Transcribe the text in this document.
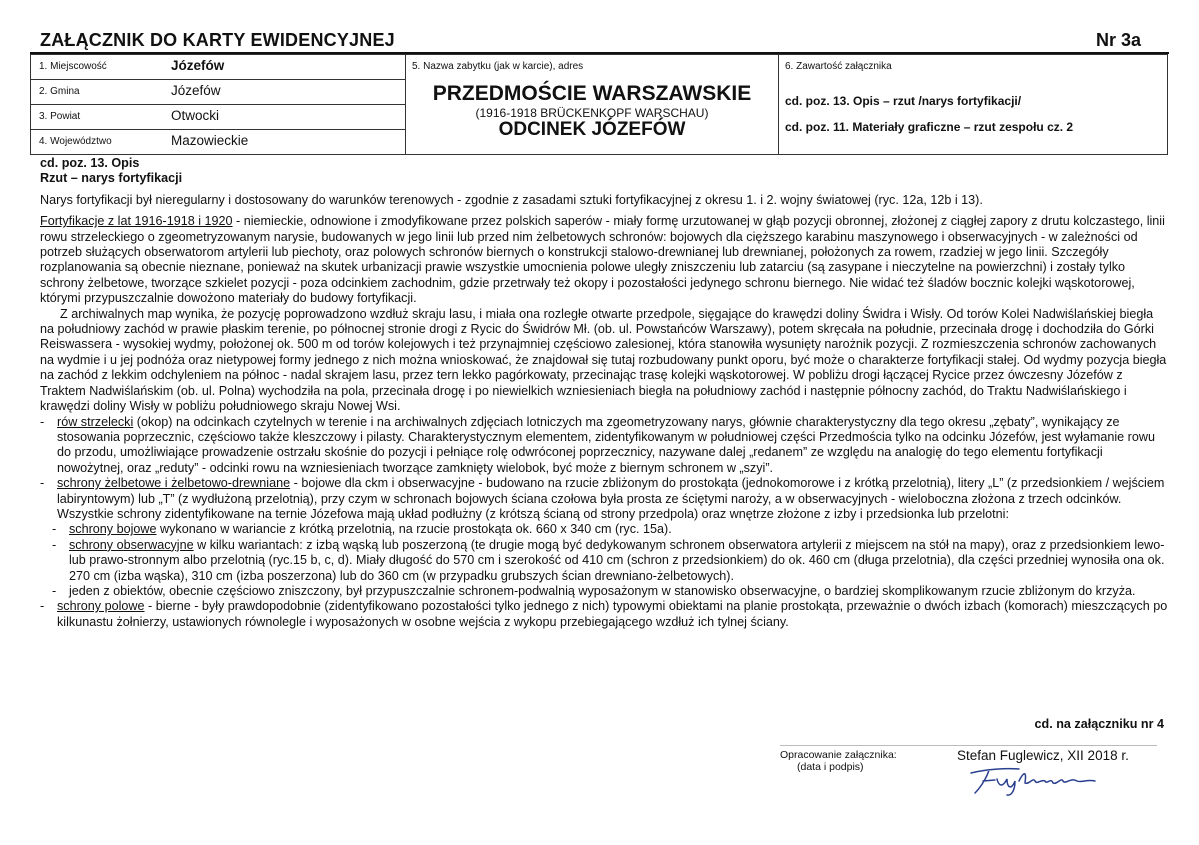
ZAŁĄCZNIK DO KARTY EWIDENCYJNEJ	Nr 3a
1. Miejscowość	Józefów
2. Gmina	Józefów
3. Powiat	Otwocki
4. Województwo	Mazowieckie

5. Nazwa zabytku (jak w karcie), adres
PRZEDMOŚCIE WARSZAWSKIE
(1916-1918 BRÜCKENKOPF WARSCHAU)
ODCINEK JÓZEFÓW

6. Zawartość załącznika
cd. poz. 13. Opis – rzut /narys fortyfikacji/
cd. poz. 11. Materiały graficzne – rzut zespołu cz. 2

cd. poz. 13. Opis

Rzut – narys fortyfikacji

Narys fortyfikacji był nieregularny i dostosowany do warunków terenowych - zgodnie z zasadami sztuki fortyfikacyjnej z okresu 1. i 2. wojny światowej (ryc. 12a, 12b i 13).

Fortyfikacje z lat 1916-1918 i 1920 - niemieckie, odnowione i zmodyfikowane przez polskich saperów - miały formę urzutowanej w głąb pozycji obronnej, złożonej z ciągłej zapory z drutu kolczastego, linii rowu strzeleckiego o zgeometryzowanym narysie, budowanych w jego linii lub przed nim żelbetowych schronów: bojowych dla cięższego karabinu maszynowego i obserwacyjnych - w zależności od potrzeb służących obserwatorom artylerii lub piechoty, oraz polowych schronów biernych o konstrukcji stalowo-drewnianej lub drewnianej, położonych za rowem, rzadziej w jego linii. Szczegóły rozplanowania są obecnie nieznane, ponieważ na skutek urbanizacji prawie wszystkie umocnienia polowe uległy zniszczeniu lub zatarciu (są zasypane i nieczytelne na powierzchni) i zostały tylko schrony żelbetowe, tworzące szkielet pozycji - poza odcinkiem zachodnim, gdzie przetrwały też okopy i pozostałości jedynego schronu biernego. Nie widać też śladów bocznic kolejki wąskotorowej, którymi przypuszczalnie dowożono materiały do budowy fortyfikacji.

Z archiwalnych map wynika, że pozycję poprowadzono wzdłuż skraju lasu, i miała ona rozległe otwarte przedpole, sięgające do krawędzi doliny Świdra i Wisły. Od torów Kolei Nadwiślańskiej biegła na południowy zachód w prawie płaskim terenie, po północnej stronie drogi z Rycic do Świdrów Mł. (ob. ul. Powstańców Warszawy), potem skręcała na południe, przecinała drogę i dochodziła do Górki Reiswassera - wysokiej wydmy, położonej ok. 500 m od torów kolejowych i też przynajmniej częściowo zalesionej, która stanowiła wysunięty narożnik pozycji. Z rozmieszczenia schronów zachowanych na wydmie i u jej podnóża oraz nietypowej formy jednego z nich można wnioskować, że znajdował się tutaj rozbudowany punkt oporu, być może o charakterze fortyfikacji stałej. Od wydmy pozycja biegła na zachód z lekkim odchyleniem na północ - nadal skrajem lasu, przez tern lekko pagórkowaty, przecinając trasę kolejki wąskotorowej. W pobliżu drogi łączącej Rycice przez ówczesny Józefów z Traktem Nadwiślańskim (ob. ul. Polna) wychodziła na pola, przecinała drogę i po niewielkich wzniesieniach biegła na południowy zachód i następnie północny zachód, do Traktu Nadwiślańskiego i krawędzi doliny Wisły w pobliżu południowego skraju Nowej Wsi.

- rów strzelecki (okop) na odcinkach czytelnych w terenie i na archiwalnych zdjęciach lotniczych ma zgeometryzowany narys, głównie charakterystyczny dla tego okresu „zębaty”, wynikający ze stosowania poprzecznic, częściowo także kleszczowy i pilasty. Charakterystycznym elementem, zidentyfikowanym w południowej części Przedmościa tylko na odcinku Józefów, jest wyłamanie rowu do przodu, umożliwiające prowadzenie ostrzału skośnie do pozycji i pełniące rolę odwróconej poprzecznicy, nazywane dalej „redanem” ze względu na analogię do tego elementu fortyfikacji nowożytnej, oraz „reduty” - odcinki rowu na wzniesieniach tworzące zamknięty wielobok, być może z biernym schronem w „szyi”.
- schrony żelbetowe i żelbetowo-drewniane - bojowe dla ckm i obserwacyjne - budowano na rzucie zbliżonym do prostokąta (jednokomorowe i z krótką przelotnią), litery „L” (z przedsionkiem / wejściem labiryntowym) lub „T” (z wydłużoną przelotnią), przy czym w schronach bojowych ściana czołowa była prosta ze ściętymi naroży, a w obserwacyjnych - wieloboczna złożona z trzech odcinków. Wszystkie schrony zidentyfikowane na ternie Józefowa mają układ podłużny (z krótszą ścianą od strony przedpola) oraz wnętrze złożone z izby i przedsionka lub przelotni:
- schrony bojowe wykonano w wariancie z krótką przelotnią, na rzucie prostokąta ok. 660 x 340 cm (ryc. 15a).
- schrony obserwacyjne w kilku wariantach: z izbą wąską lub poszerzoną (te drugie mogą być dedykowanym schronem obserwatora artylerii z miejscem na stół na mapy), oraz z przedsionkiem lewo- lub prawo-stronnym albo przelotnią (ryc.15 b, c, d). Miały długość do 570 cm i szerokość od 410 cm (schron z przedsionkiem) do ok. 460 cm (długa przelotnia), dla części przedniej wynosiła ona ok. 270 cm (izba wąska), 310 cm (izba poszerzona) lub do 360 cm (w przypadku grubszych ścian drewniano-żelbetowych).
- jeden z obiektów, obecnie częściowo zniszczony, był przypuszczalnie schronem-podwalnią wyposażonym w stanowisko obserwacyjne, o bardziej skomplikowanym rzucie zbliżonym do krzyża.
- schrony polowe - bierne - były prawdopodobnie (zidentyfikowano pozostałości tylko jednego z nich) typowymi obiektami na planie prostokąta, przeważnie o dwóch izbach (komorach) mieszczących po kilkunastu żołnierzy, ustawionych równolegle i wyposażonych w osobne wejścia z wykopu przebiegającego wzdłuż ich tylnej ściany.
cd. na załączniku nr 4
Opracowanie załącznika:
(data i podpis)
Stefan Fuglewicz, XII 2018 r.
